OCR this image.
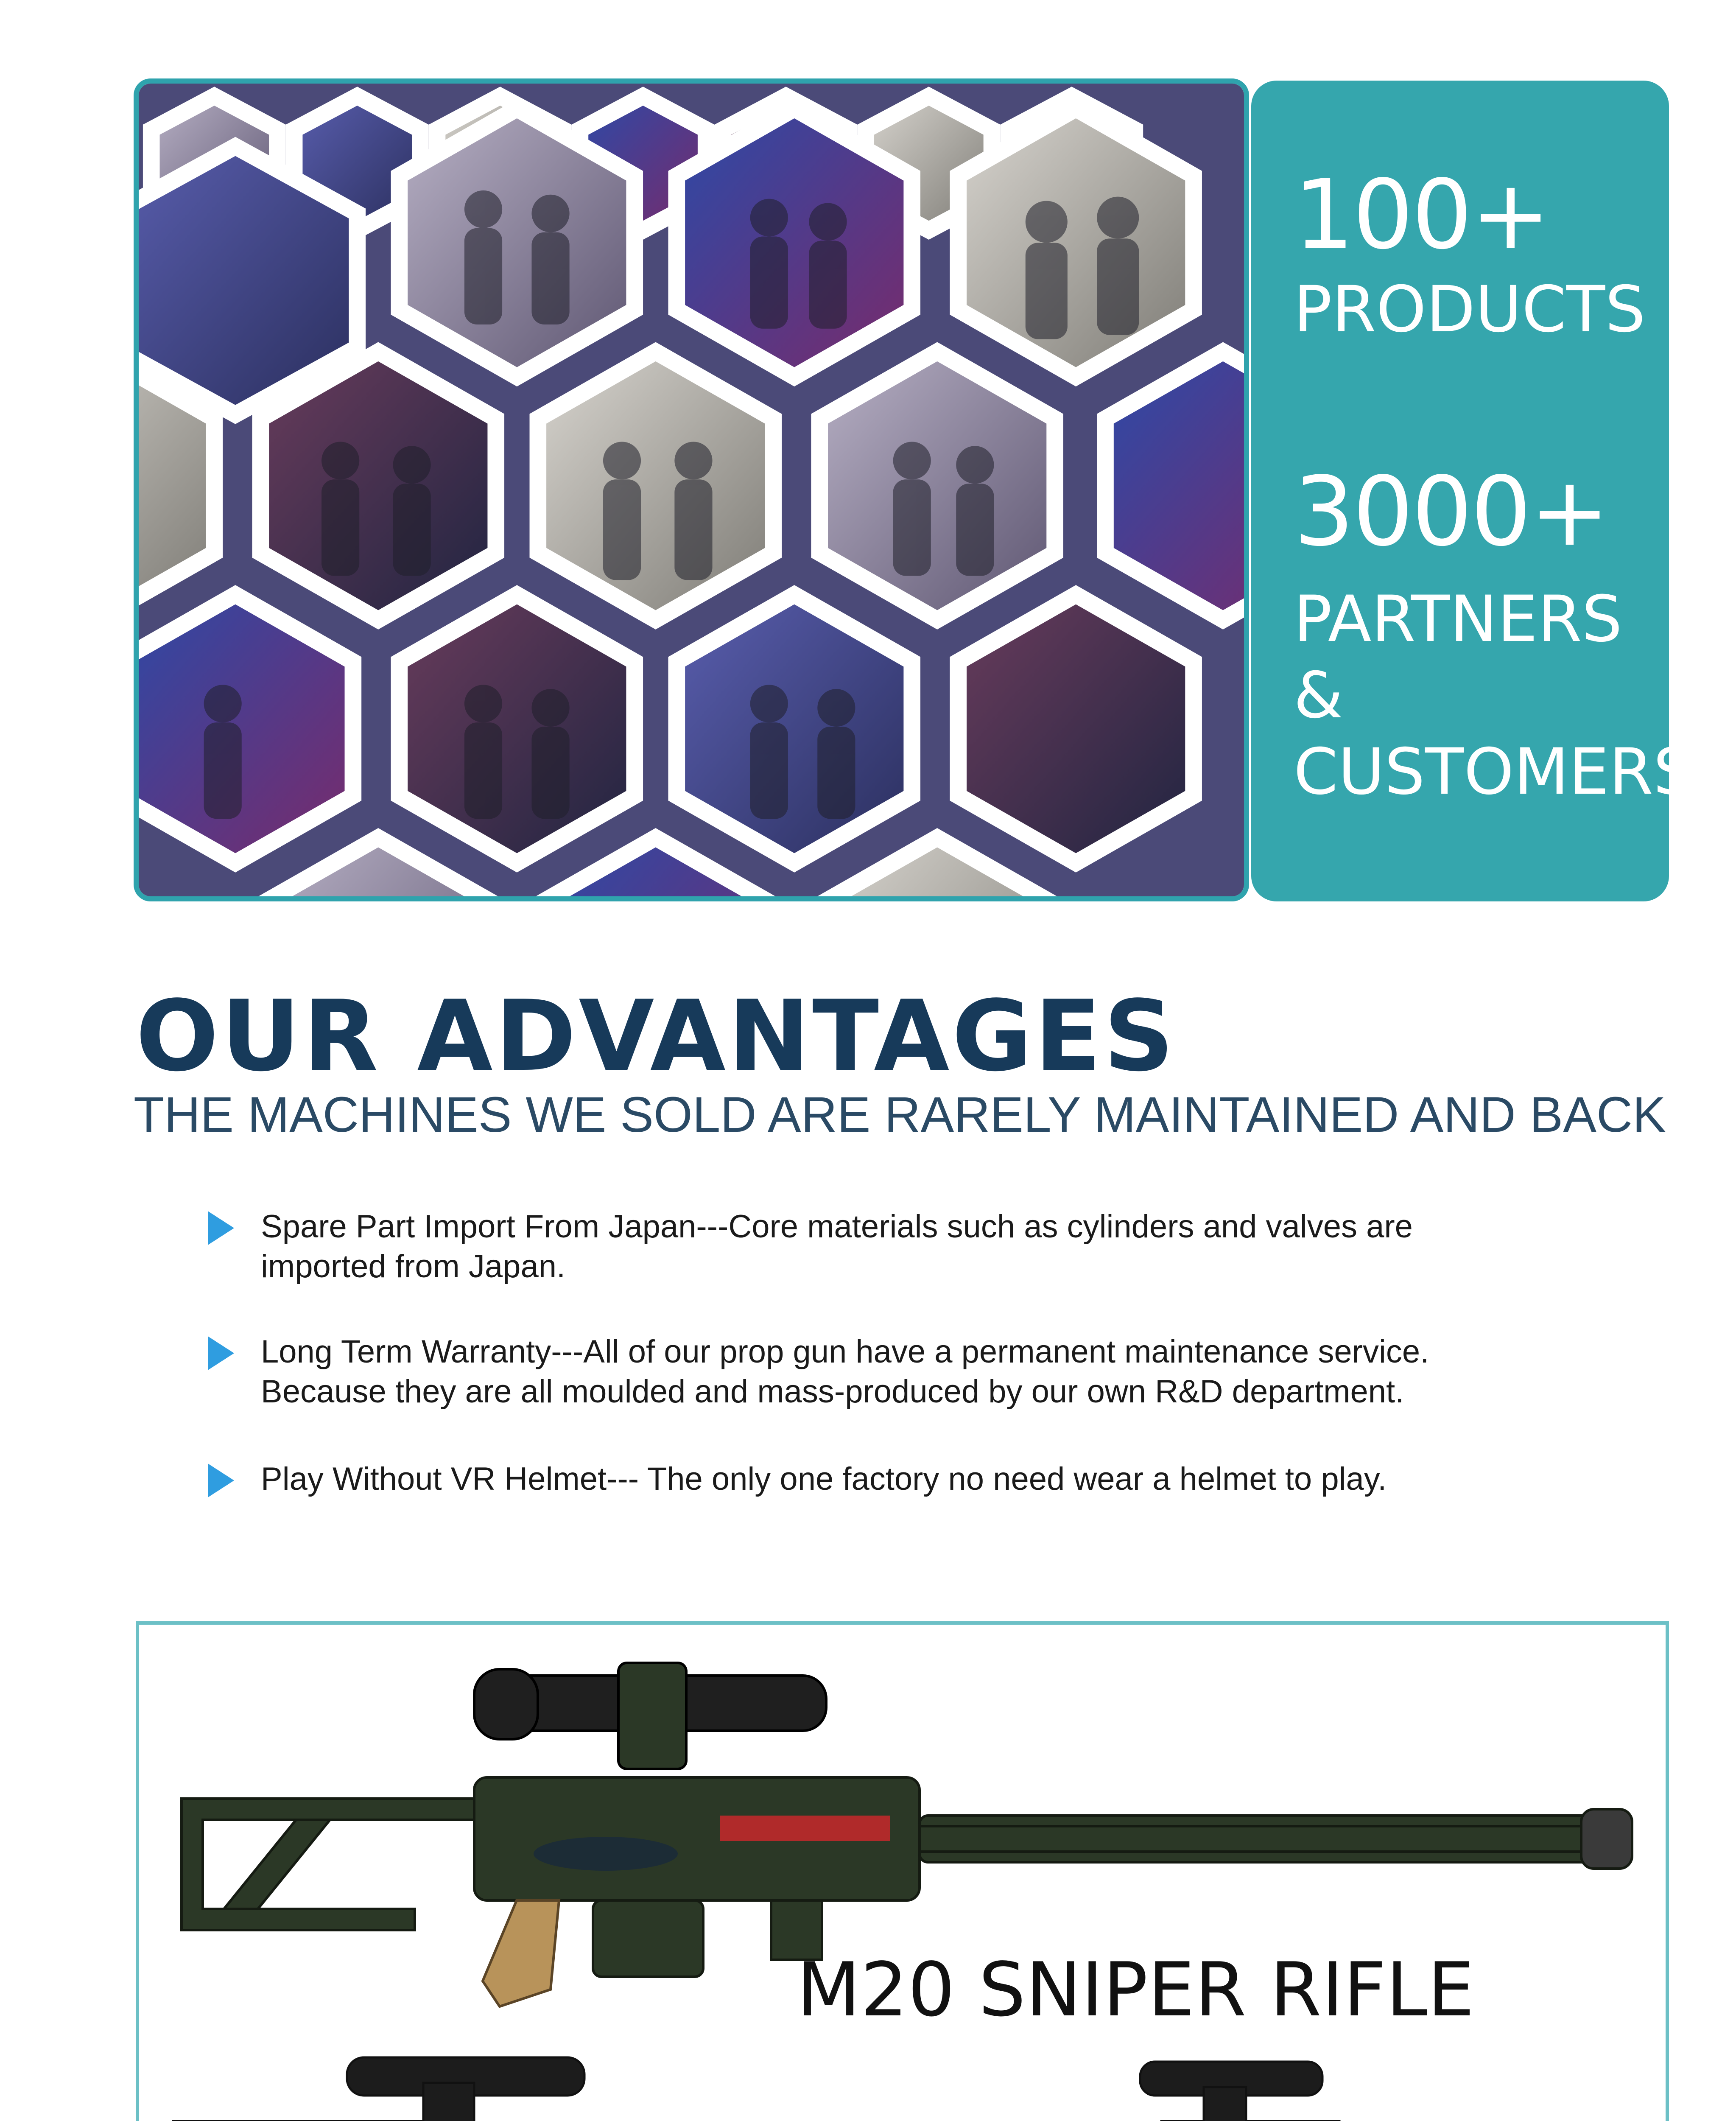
100+
PRODUCTS
3000+
PARTNERS
&
CUSTOMERS
OUR ADVANTAGES
THE MACHINES WE SOLD ARE RARELY MAINTAINED AND BACK
Spare Part Import From Japan---Core materials such as cylinders and valves are
imported from Japan.
Long Term Warranty---All of our prop gun have a permanent maintenance service.
Because they are all moulded and mass-produced by our own R&D department.
Play Without VR Helmet--- The only one factory no need wear a helmet to play.
M20 SNIPER RIFLE
